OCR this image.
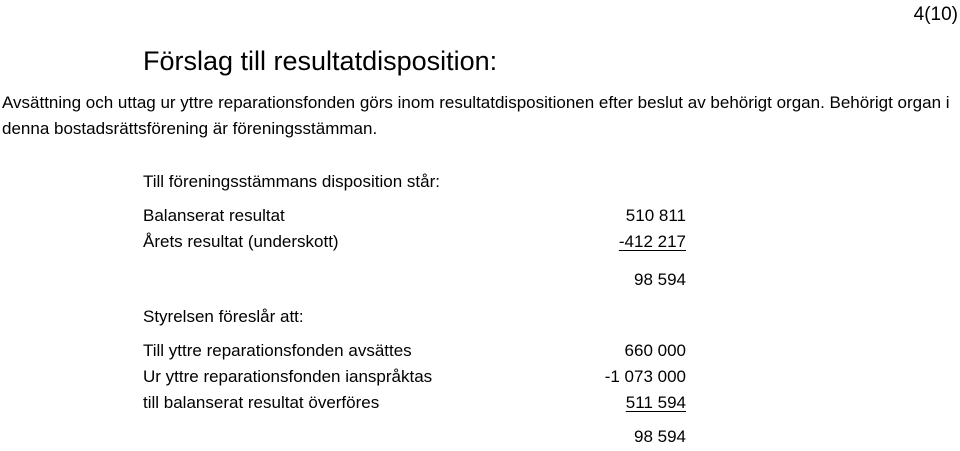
4(10)
Förslag till resultatdisposition:

Avsättning och uttag ur yttre reparationsfonden görs inom resultatdispositionen efter beslut av behörigt organ. Behörigt organ i denna bostadsrättsförening är föreningsstämman.

Till föreningsstämmans disposition står:
Balanserat resultat	510 811
Årets resultat (underskott)	-412 217
98 594
Styrelsen föreslår att:
Till yttre reparationsfonden avsättes	660 000
Ur yttre reparationsfonden ianspråktas	-1 073 000
till balanserat resultat överföres	511 594
98 594
